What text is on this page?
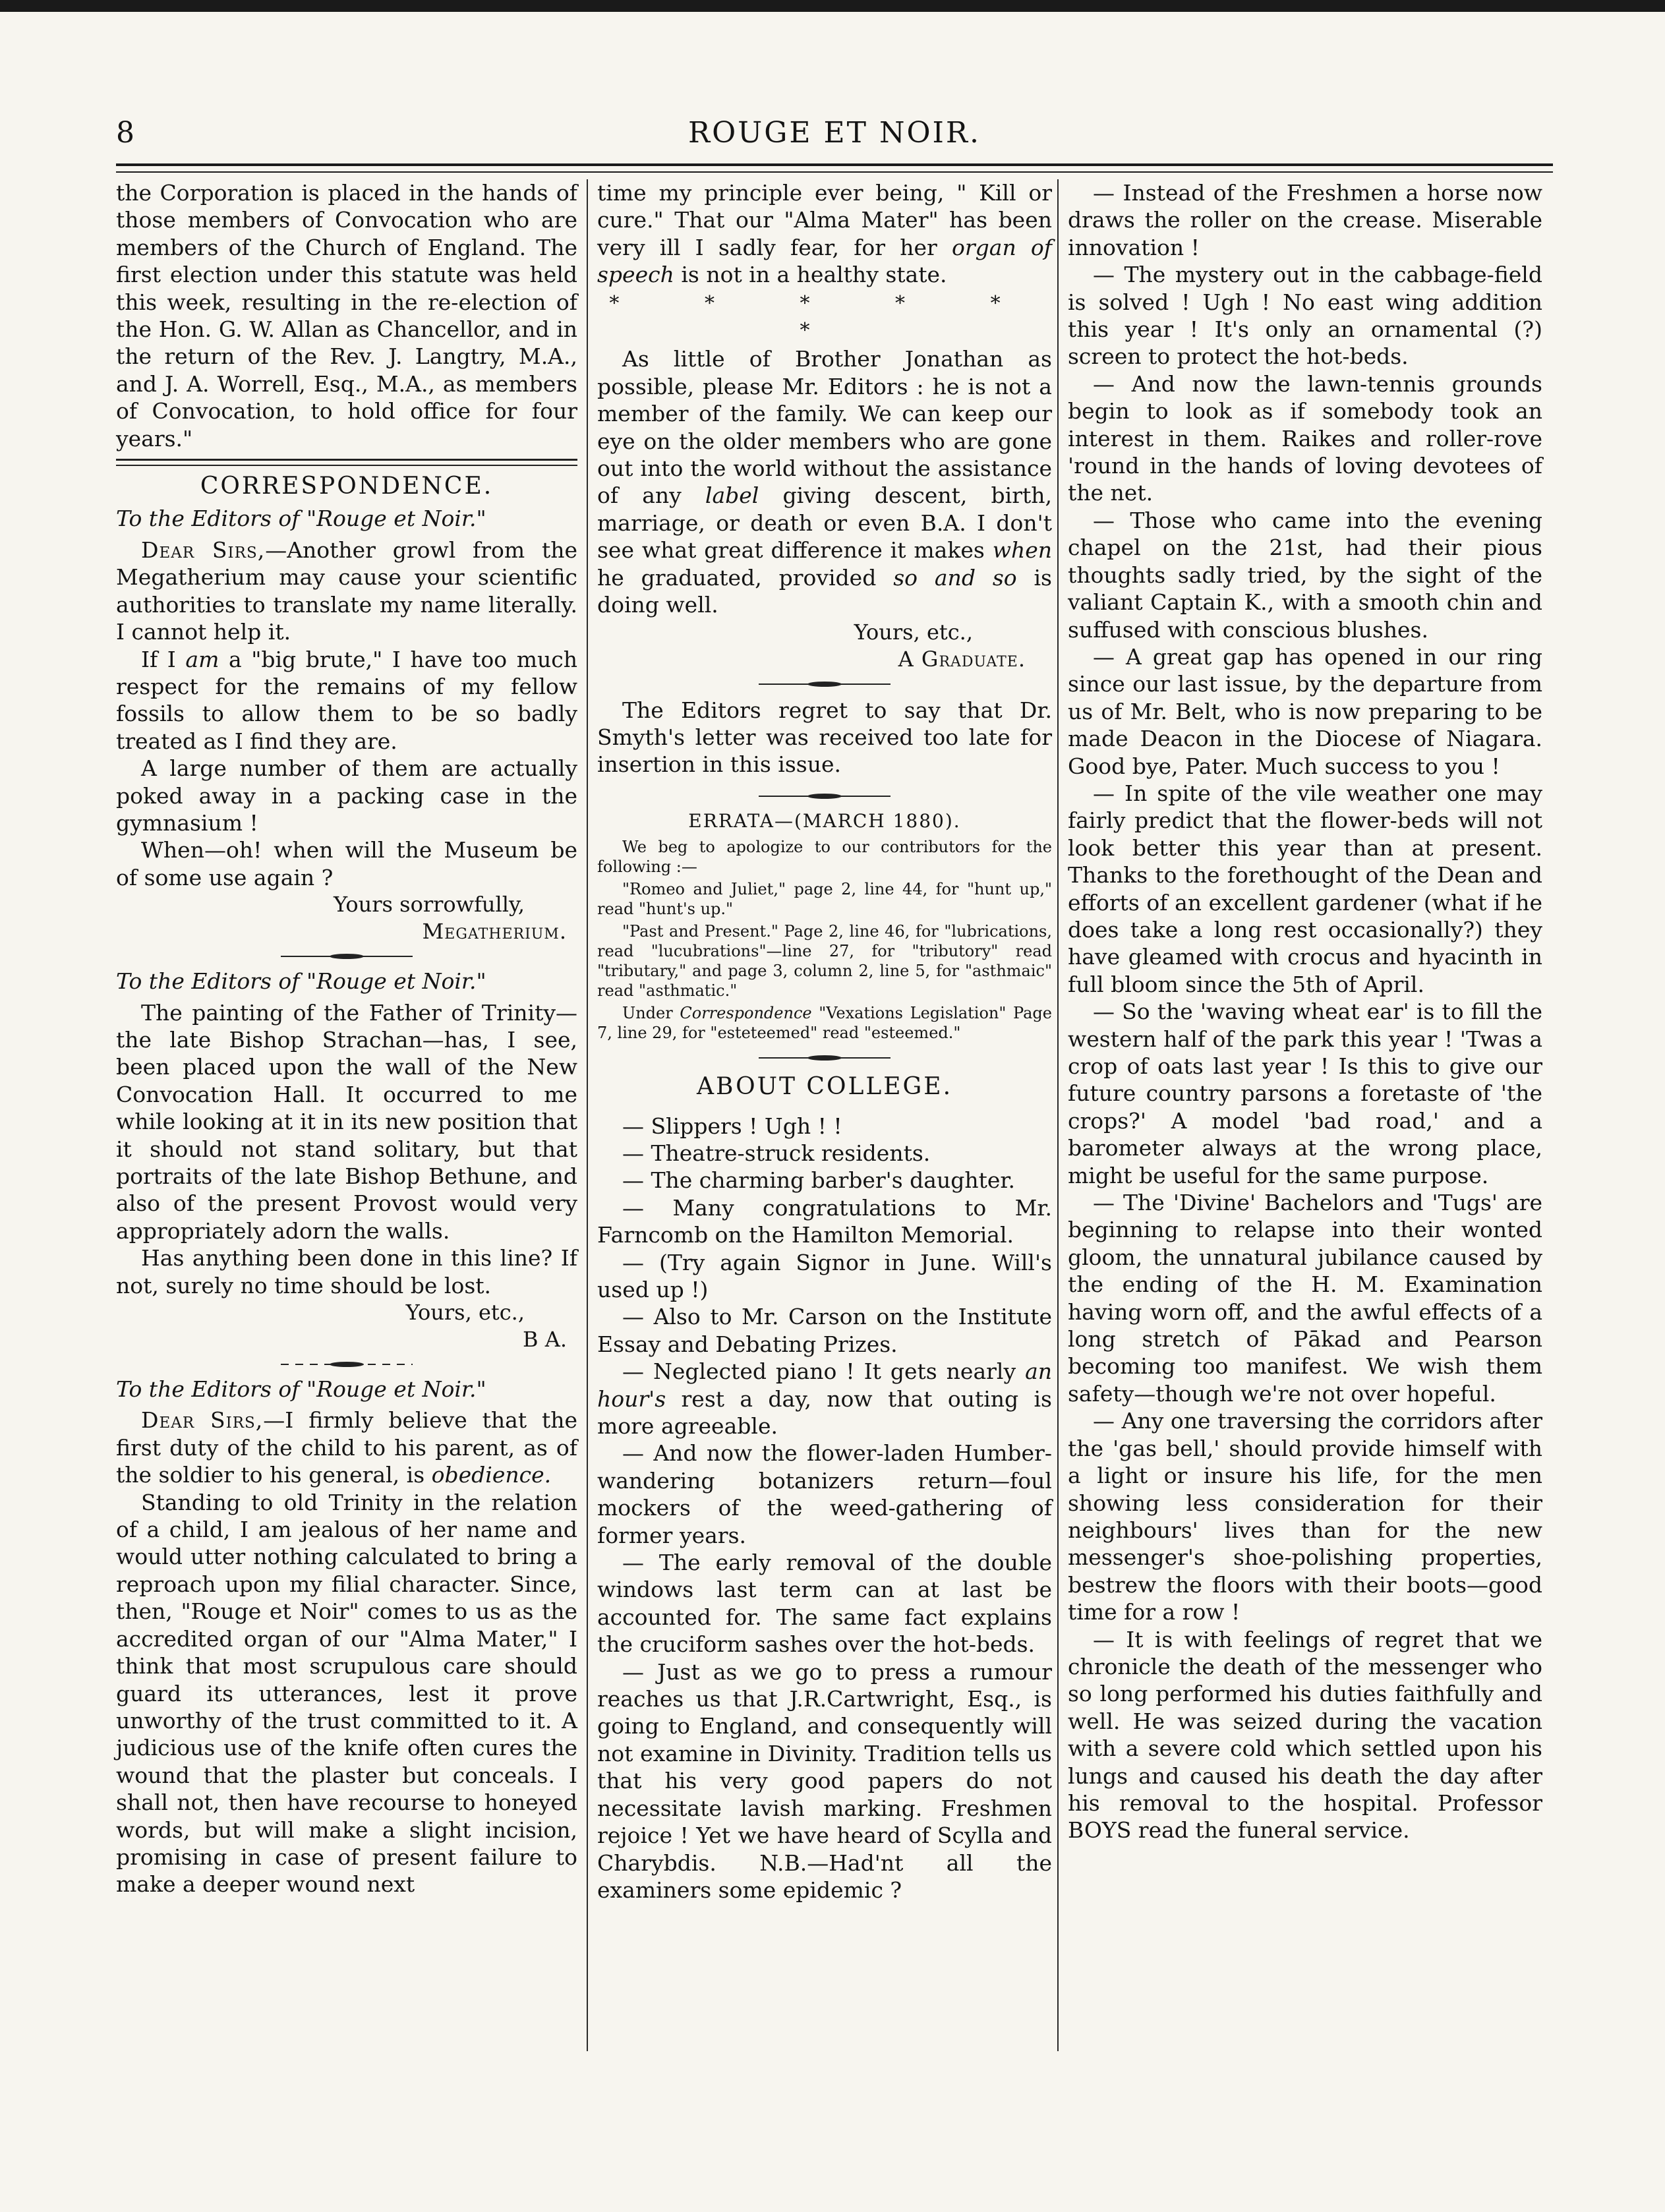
8	ROUGE ET NOIR.

the Corporation is placed in the hands of those members of Convocation who are members of the Church of England. The first election under this statute was held this week, resulting in the re-election of the Hon. G. W. Allan as Chancellor, and in the return of the Rev. J. Langtry, M.A., and J. A. Worrell, Esq., M.A., as members of Convocation, to hold office for four years."

CORRESPONDENCE.

To the Editors of "Rouge et Noir."

Dear Sirs,—Another growl from the Megatherium may cause your scientific authorities to translate my name literally. I cannot help it.

If I am a "big brute," I have too much respect for the remains of my fellow fossils to allow them to be so badly treated as I find they are.

A large number of them are actually poked away in a packing case in the gymnasium !

When—oh! when will the Museum be of some use again ?

Yours sorrowfully,

Megatherium.

To the Editors of "Rouge et Noir."

The painting of the Father of Trinity—the late Bishop Strachan—has, I see, been placed upon the wall of the New Convocation Hall. It occurred to me while looking at it in its new position that it should not stand solitary, but that portraits of the late Bishop Bethune, and also of the present Provost would very appropriately adorn the walls.

Has anything been done in this line? If not, surely no time should be lost.

Yours, etc.,

B A.

To the Editors of "Rouge et Noir."

Dear Sirs,—I firmly believe that the first duty of the child to his parent, as of the soldier to his general, is obedience.

Standing to old Trinity in the relation of a child, I am jealous of her name and would utter nothing calculated to bring a reproach upon my filial character. Since, then, "Rouge et Noir" comes to us as the accredited organ of our "Alma Mater," I think that most scrupulous care should guard its utterances, lest it prove unworthy of the trust committed to it. A judicious use of the knife often cures the wound that the plaster but conceals. I shall not, then have recourse to honeyed words, but will make a slight incision, promising in case of present failure to make a deeper wound next

time my principle ever being, " Kill or cure." That our "Alma Mater" has been very ill I sadly fear, for her organ of speech is not in a healthy state.

* * * * * *

As little of Brother Jonathan as possible, please Mr. Editors : he is not a member of the family. We can keep our eye on the older members who are gone out into the world without the assistance of any label giving descent, birth, marriage, or death or even B.A. I don't see what great difference it makes when he graduated, provided so and so is doing well.

Yours, etc.,

A Graduate.

The Editors regret to say that Dr. Smyth's letter was received too late for insertion in this issue.

ERRATA—(MARCH 1880).

We beg to apologize to our contributors for the following :—

"Romeo and Juliet," page 2, line 44, for "hunt up," read "hunt's up."

"Past and Present." Page 2, line 46, for "lubrications, read "lucubrations"—line 27, for "tributory" read "tributary," and page 3, column 2, line 5, for "asthmaic" read "asthmatic."

Under Correspondence "Vexations Legislation" Page 7, line 29, for "esteteemed" read "esteemed."

ABOUT COLLEGE.

— Slippers ! Ugh ! !

— Theatre-struck residents.

— The charming barber's daughter.

— Many congratulations to Mr. Farncomb on the Hamilton Memorial.

— (Try again Signor in June. Will's used up !)

— Also to Mr. Carson on the Institute Essay and Debating Prizes.

— Neglected piano ! It gets nearly an hour's rest a day, now that outing is more agreeable.

— And now the flower-laden Humber-wandering botanizers return—foul mockers of the weed-gathering of former years.

— The early removal of the double windows last term can at last be accounted for. The same fact explains the cruciform sashes over the hot-beds.

— Just as we go to press a rumour reaches us that J.R.Cartwright, Esq., is going to England, and consequently will not examine in Divinity. Tradition tells us that his very good papers do not necessitate lavish marking. Freshmen rejoice ! Yet we have heard of Scylla and Charybdis. N.B.—Had'nt all the examiners some epidemic ?

— Instead of the Freshmen a horse now draws the roller on the crease. Miserable innovation !

— The mystery out in the cabbage-field is solved ! Ugh ! No east wing addition this year ! It's only an ornamental (?) screen to protect the hot-beds.

— And now the lawn-tennis grounds begin to look as if somebody took an interest in them. Raikes and roller-rove 'round in the hands of loving devotees of the net.

— Those who came into the evening chapel on the 21st, had their pious thoughts sadly tried, by the sight of the valiant Captain K., with a smooth chin and suffused with conscious blushes.

— A great gap has opened in our ring since our last issue, by the departure from us of Mr. Belt, who is now preparing to be made Deacon in the Diocese of Niagara. Good bye, Pater. Much success to you !

— In spite of the vile weather one may fairly predict that the flower-beds will not look better this year than at present. Thanks to the forethought of the Dean and efforts of an excellent gardener (what if he does take a long rest occasionally?) they have gleamed with crocus and hyacinth in full bloom since the 5th of April.

— So the 'waving wheat ear' is to fill the western half of the park this year ! 'Twas a crop of oats last year ! Is this to give our future country parsons a foretaste of 'the crops?' A model 'bad road,' and a barometer always at the wrong place, might be useful for the same purpose.

— The 'Divine' Bachelors and 'Tugs' are beginning to relapse into their wonted gloom, the unnatural jubilance caused by the ending of the H. M. Examination having worn off, and the awful effects of a long stretch of Pākad and Pearson becoming too manifest. We wish them safety—though we're not over hopeful.

— Any one traversing the corridors after the 'gas bell,' should provide himself with a light or insure his life, for the men showing less consideration for their neighbours' lives than for the new messenger's shoe-polishing properties, bestrew the floors with their boots—good time for a row !

— It is with feelings of regret that we chronicle the death of the messenger who so long performed his duties faithfully and well. He was seized during the vacation with a severe cold which settled upon his lungs and caused his death the day after his removal to the hospital. Professor BOYS read the funeral service.
